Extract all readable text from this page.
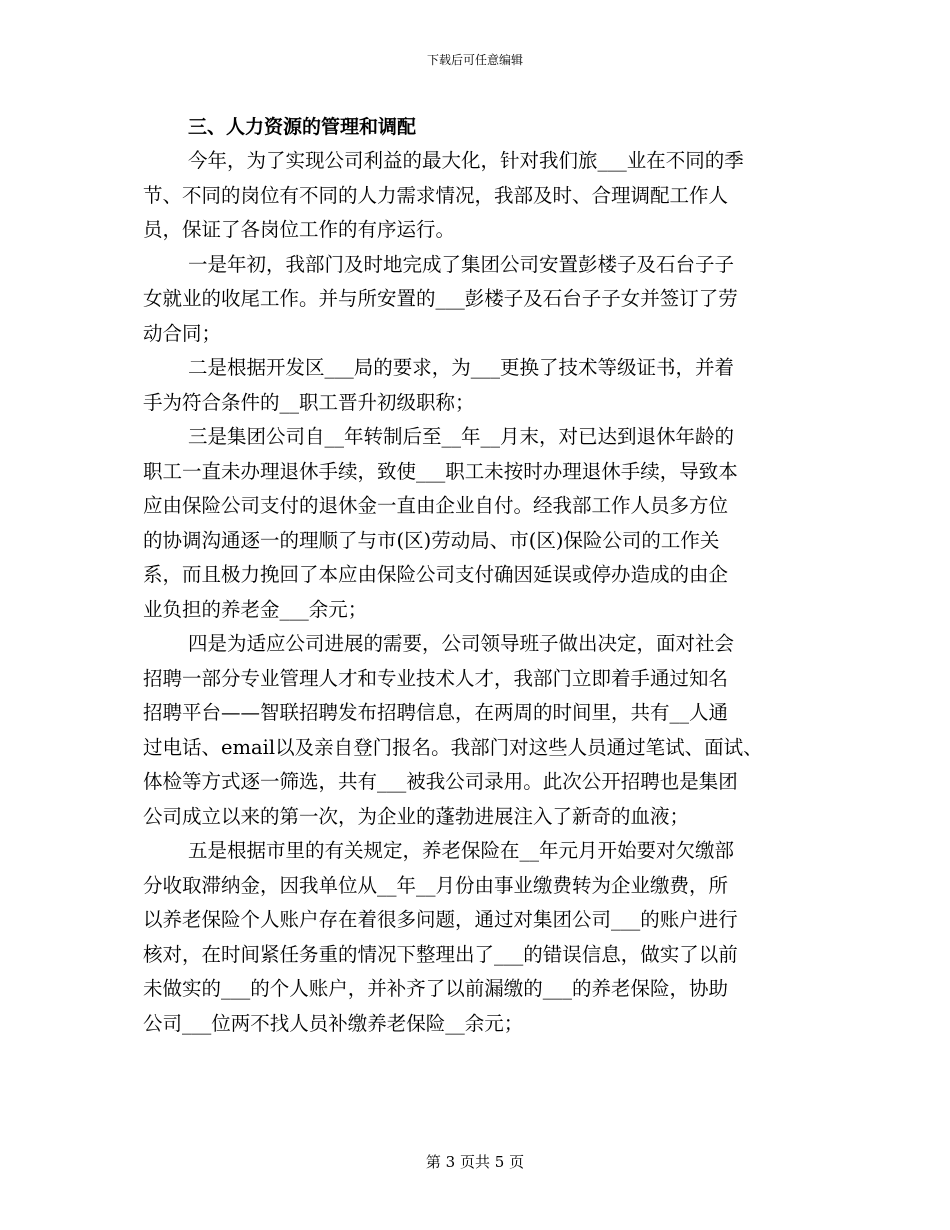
下载后可任意编辑
三、人力资源的管理和调配
今年，为了实现公司利益的最大化，针对我们旅___业在不同的季
节、不同的岗位有不同的人力需求情况，我部及时、合理调配工作人
员，保证了各岗位工作的有序运行。
一是年初，我部门及时地完成了集团公司安置彭楼子及石台子子
女就业的收尾工作。并与所安置的___彭楼子及石台子子女并签订了劳
动合同；
二是根据开发区___局的要求，为___更换了技术等级证书，并着
手为符合条件的__职工晋升初级职称；
三是集团公司自__年转制后至__年__月末，对已达到退休年龄的
职工一直未办理退休手续，致使___职工未按时办理退休手续，导致本
应由保险公司支付的退休金一直由企业自付。经我部工作人员多方位
的协调沟通逐一的理顺了与市(区)劳动局、市(区)保险公司的工作关
系，而且极力挽回了本应由保险公司支付确因延误或停办造成的由企
业负担的养老金___余元；
四是为适应公司进展的需要，公司领导班子做出决定，面对社会
招聘一部分专业管理人才和专业技术人才，我部门立即着手通过知名
招聘平台——智联招聘发布招聘信息，在两周的时间里，共有__人通
过电话、email以及亲自登门报名。我部门对这些人员通过笔试、面试、
体检等方式逐一筛选，共有___被我公司录用。此次公开招聘也是集团
公司成立以来的第一次，为企业的蓬勃进展注入了新奇的血液；
五是根据市里的有关规定，养老保险在__年元月开始要对欠缴部
分收取滞纳金，因我单位从__年__月份由事业缴费转为企业缴费，所
以养老保险个人账户存在着很多问题，通过对集团公司___的账户进行
核对，在时间紧任务重的情况下整理出了___的错误信息，做实了以前
未做实的___的个人账户，并补齐了以前漏缴的___的养老保险，协助
公司___位两不找人员补缴养老保险__余元；
第 3 页共 5 页
